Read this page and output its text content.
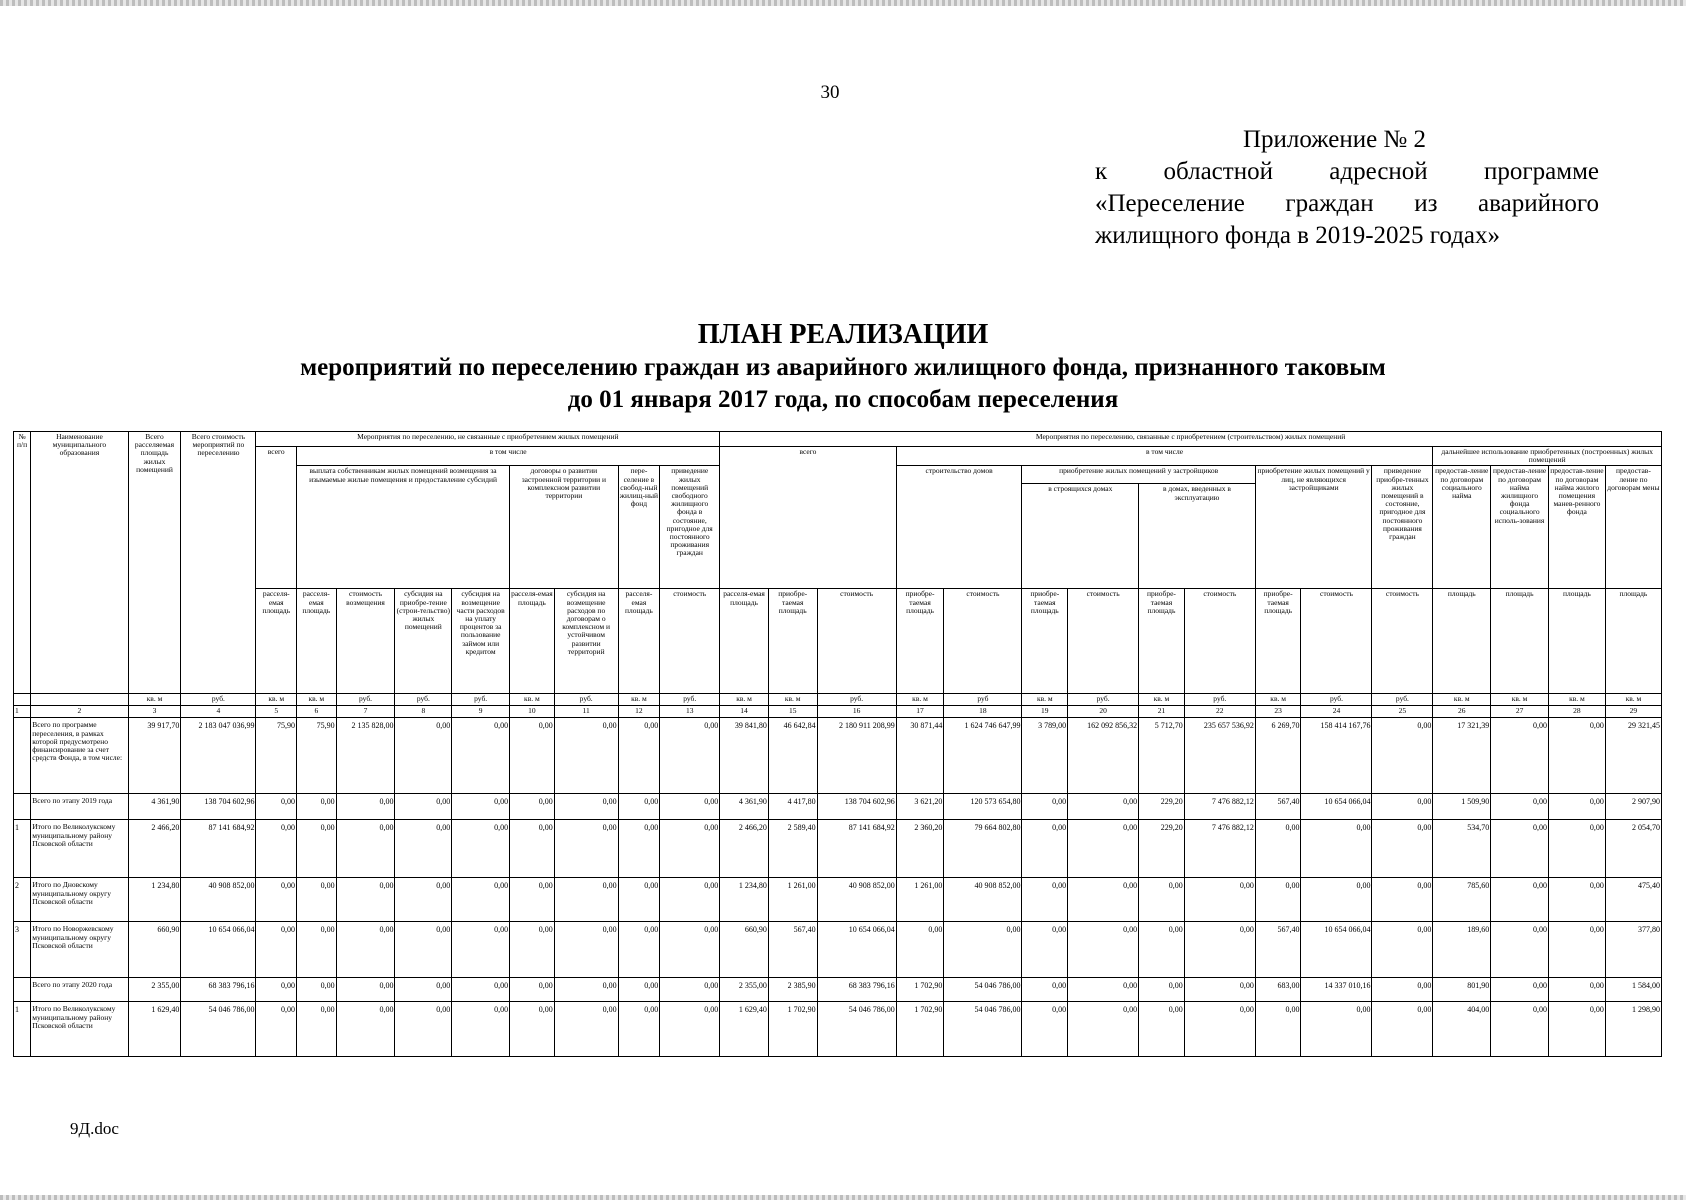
30
Приложение № 2
к областной адресной программе
«Переселение граждан из аварийного
жилищного фонда в 2019-2025 годах»
ПЛАН РЕАЛИЗАЦИИ
мероприятий по переселению граждан из аварийного жилищного фонда, признанного таковым
до 01 января 2017 года, по способам переселения
№ п/п	Наименование муниципального образования	Всего расселяемая площадь жилых помещений	Всего стоимость мероприятий по переселению	Мероприятия по переселению, не связанные с приобретением жилых помещений									Мероприятия по переселению, связанные с приобретением (строительством) жилых помещений															
				всего	в том числе								всего			в том числе									дальнейшее использование приобретенных (построенных) жилых помещений			
					выплата собственникам жилых помещений возмещения за изымаемые жилые помещения и предоставление субсидий				договоры о развитии застроенной территории и комплексном развитии территории		пере-селение в свобод-ный жилищ-ный фонд	приведение жилых помещений свободного жилищного фонда в состояние, пригодное для постоянного проживания граждан				строительство домов		приобретение жилых помещений у застройщиков				приобретение жилых помещений у лиц, не являющихся застройщиками		приведение приобре-тенных жилых помещений в состояние, пригодное для постоянного проживания граждан	предостав-ление по договорам социального найма	предостав-ление по договорам найма жилищного фонда социального исполь-зования	предостав-ление по договорам найма жилого помещения манев-ренного фонда	предостав-ление по договорам мены
																		в строящихся домах		в домах, введенных в эксплуатацию								
				расселя-емая площадь	расселя-емая площадь	стоимость возмещения	субсидия на приобре-тение (строи-тельство) жилых помещений	субсидия на возмещение части расходов на уплату процентов за пользование займом или кредитом	расселя-емая площадь	субсидия на возмещение расходов по договорам о комплексном и устойчивом развитии территорий	расселя-емая площадь	стоимость	расселя-емая площадь	приобре-таемая площадь	стоимость	приобре-таемая площадь	стоимость	приобре-таемая площадь	стоимость	приобре-таемая площадь	стоимость	приобре-таемая площадь	стоимость	стоимость	площадь	площадь	площадь	площадь
		кв. м	руб.	кв. м	кв. м	руб.	руб.	руб.	кв. м	руб.	кв. м	руб.	кв. м	кв. м	руб.	кв. м	руб	кв. м	руб.	кв. м	руб.	кв. м	руб.	руб.	кв. м	кв. м	кв. м	кв. м
1	2	3	4	5	6	7	8	9	10	11	12	13	14	15	16	17	18	19	20	21	22	23	24	25	26	27	28	29
	Всего по программе переселения, в рамках которой предусмотрено финансирование за счет средств Фонда, в том числе:	39 917,70	2 183 047 036,99	75,90	75,90	2 135 828,00	0,00	0,00	0,00	0,00	0,00	0,00	39 841,80	46 642,84	2 180 911 208,99	30 871,44	1 624 746 647,99	3 789,00	162 092 856,32	5 712,70	235 657 536,92	6 269,70	158 414 167,76	0,00	17 321,39	0,00	0,00	29 321,45
	Всего по этапу 2019 года	4 361,90	138 704 602,96	0,00	0,00	0,00	0,00	0,00	0,00	0,00	0,00	0,00	4 361,90	4 417,80	138 704 602,96	3 621,20	120 573 654,80	0,00	0,00	229,20	7 476 882,12	567,40	10 654 066,04	0,00	1 509,90	0,00	0,00	2 907,90
1	Итого по Великолукскому муниципальному району Псковской области	2 466,20	87 141 684,92	0,00	0,00	0,00	0,00	0,00	0,00	0,00	0,00	0,00	2 466,20	2 589,40	87 141 684,92	2 360,20	79 664 802,80	0,00	0,00	229,20	7 476 882,12	0,00	0,00	0,00	534,70	0,00	0,00	2 054,70
2	Итого по Дновскому муниципальному округу Псковской области	1 234,80	40 908 852,00	0,00	0,00	0,00	0,00	0,00	0,00	0,00	0,00	0,00	1 234,80	1 261,00	40 908 852,00	1 261,00	40 908 852,00	0,00	0,00	0,00	0,00	0,00	0,00	0,00	785,60	0,00	0,00	475,40
3	Итого по Новоржевскому муниципальному округу Псковской области	660,90	10 654 066,04	0,00	0,00	0,00	0,00	0,00	0,00	0,00	0,00	0,00	660,90	567,40	10 654 066,04	0,00	0,00	0,00	0,00	0,00	0,00	567,40	10 654 066,04	0,00	189,60	0,00	0,00	377,80
	Всего по этапу 2020 года	2 355,00	68 383 796,16	0,00	0,00	0,00	0,00	0,00	0,00	0,00	0,00	0,00	2 355,00	2 385,90	68 383 796,16	1 702,90	54 046 786,00	0,00	0,00	0,00	0,00	683,00	14 337 010,16	0,00	801,90	0,00	0,00	1 584,00
1	Итого по Великолукскому муниципальному району Псковской области	1 629,40	54 046 786,00	0,00	0,00	0,00	0,00	0,00	0,00	0,00	0,00	0,00	1 629,40	1 702,90	54 046 786,00	1 702,90	54 046 786,00	0,00	0,00	0,00	0,00	0,00	0,00	0,00	404,00	0,00	0,00	1 298,90
9Д.doc
